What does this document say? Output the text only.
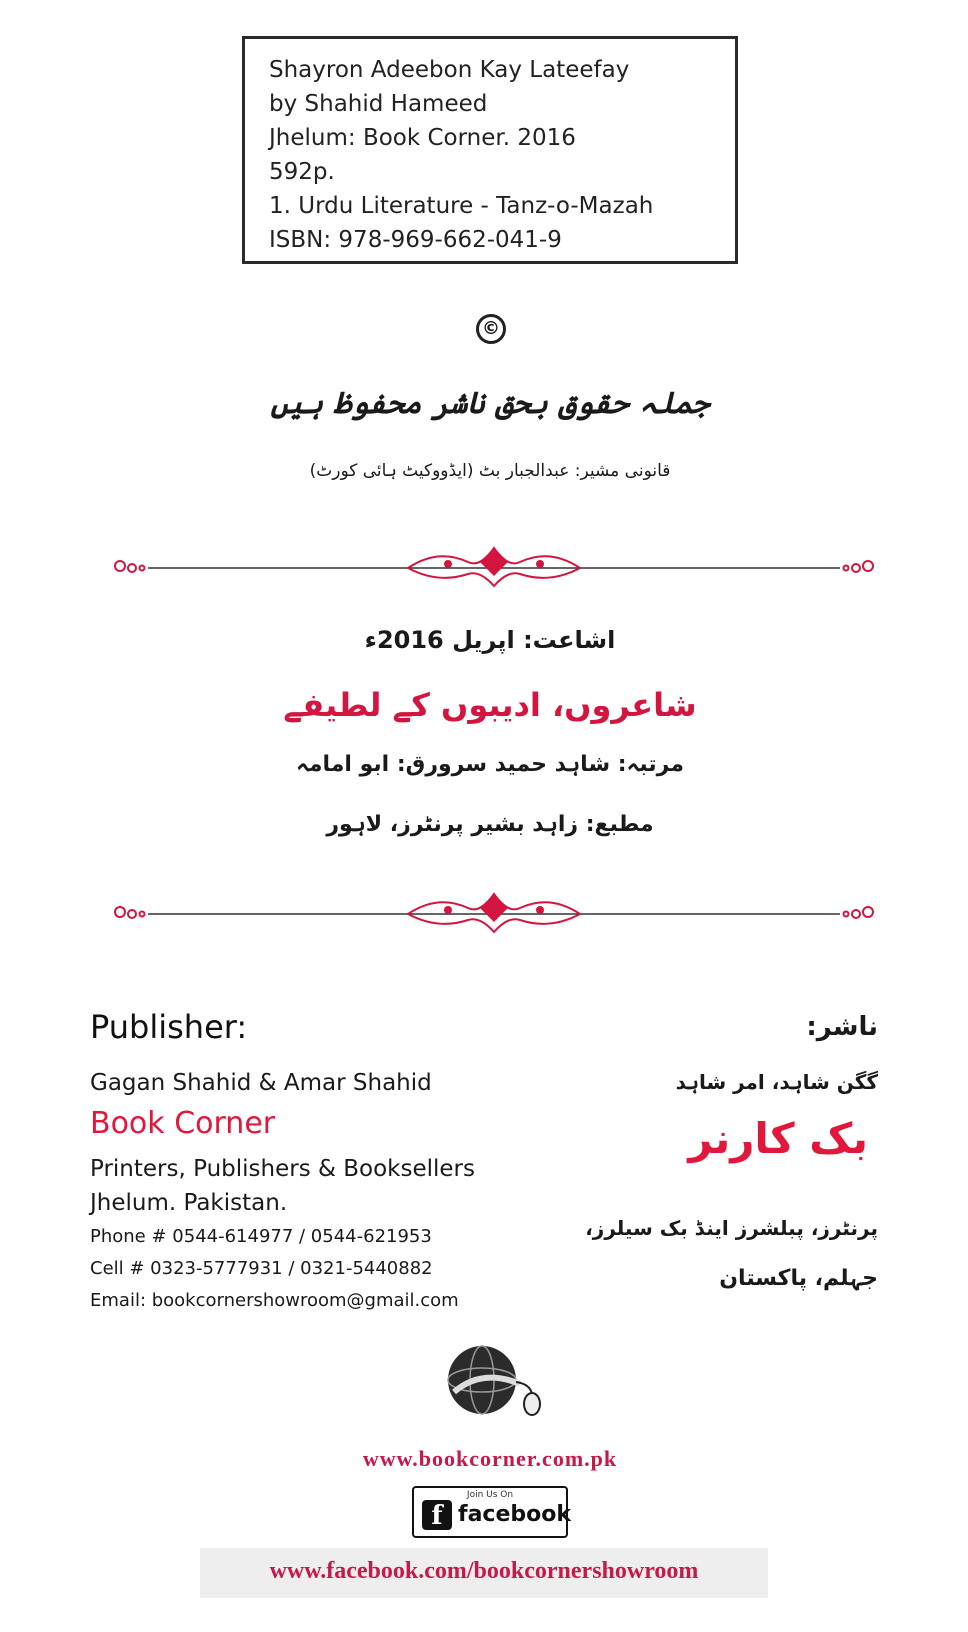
Shayron Adeebon Kay Lateefay
by Shahid Hameed
Jhelum: Book Corner. 2016
592p.
1. Urdu Literature - Tanz-o-Mazah
ISBN: 978-969-662-041-9
©
جملہ حقوق بحق ناشر محفوظ ہیں
قانونی مشیر: عبدالجبار بٹ (ایڈووکیٹ ہائی کورٹ)
اشاعت: اپریل 2016ء
شاعروں، ادیبوں کے لطیفے
مرتبہ: شاہد حمید سرورق: ابو امامہ
مطبع: زاہد بشیر پرنٹرز، لاہور
Publisher:
Gagan Shahid & Amar Shahid
Book Corner
Printers, Publishers & Booksellers
Jhelum. Pakistan.
Phone # 0544-614977 / 0544-621953
Cell # 0323-5777931 / 0321-5440882
Email: bookcornershowroom@gmail.com
ناشر:
گگن شاہد، امر شاہد
بک کارنر
پرنٹرز، پبلشرز اینڈ بک سیلرز،
جہلم، پاکستان
www.bookcorner.com.pk
Join Us On
f facebook
www.facebook.com/bookcornershowroom
